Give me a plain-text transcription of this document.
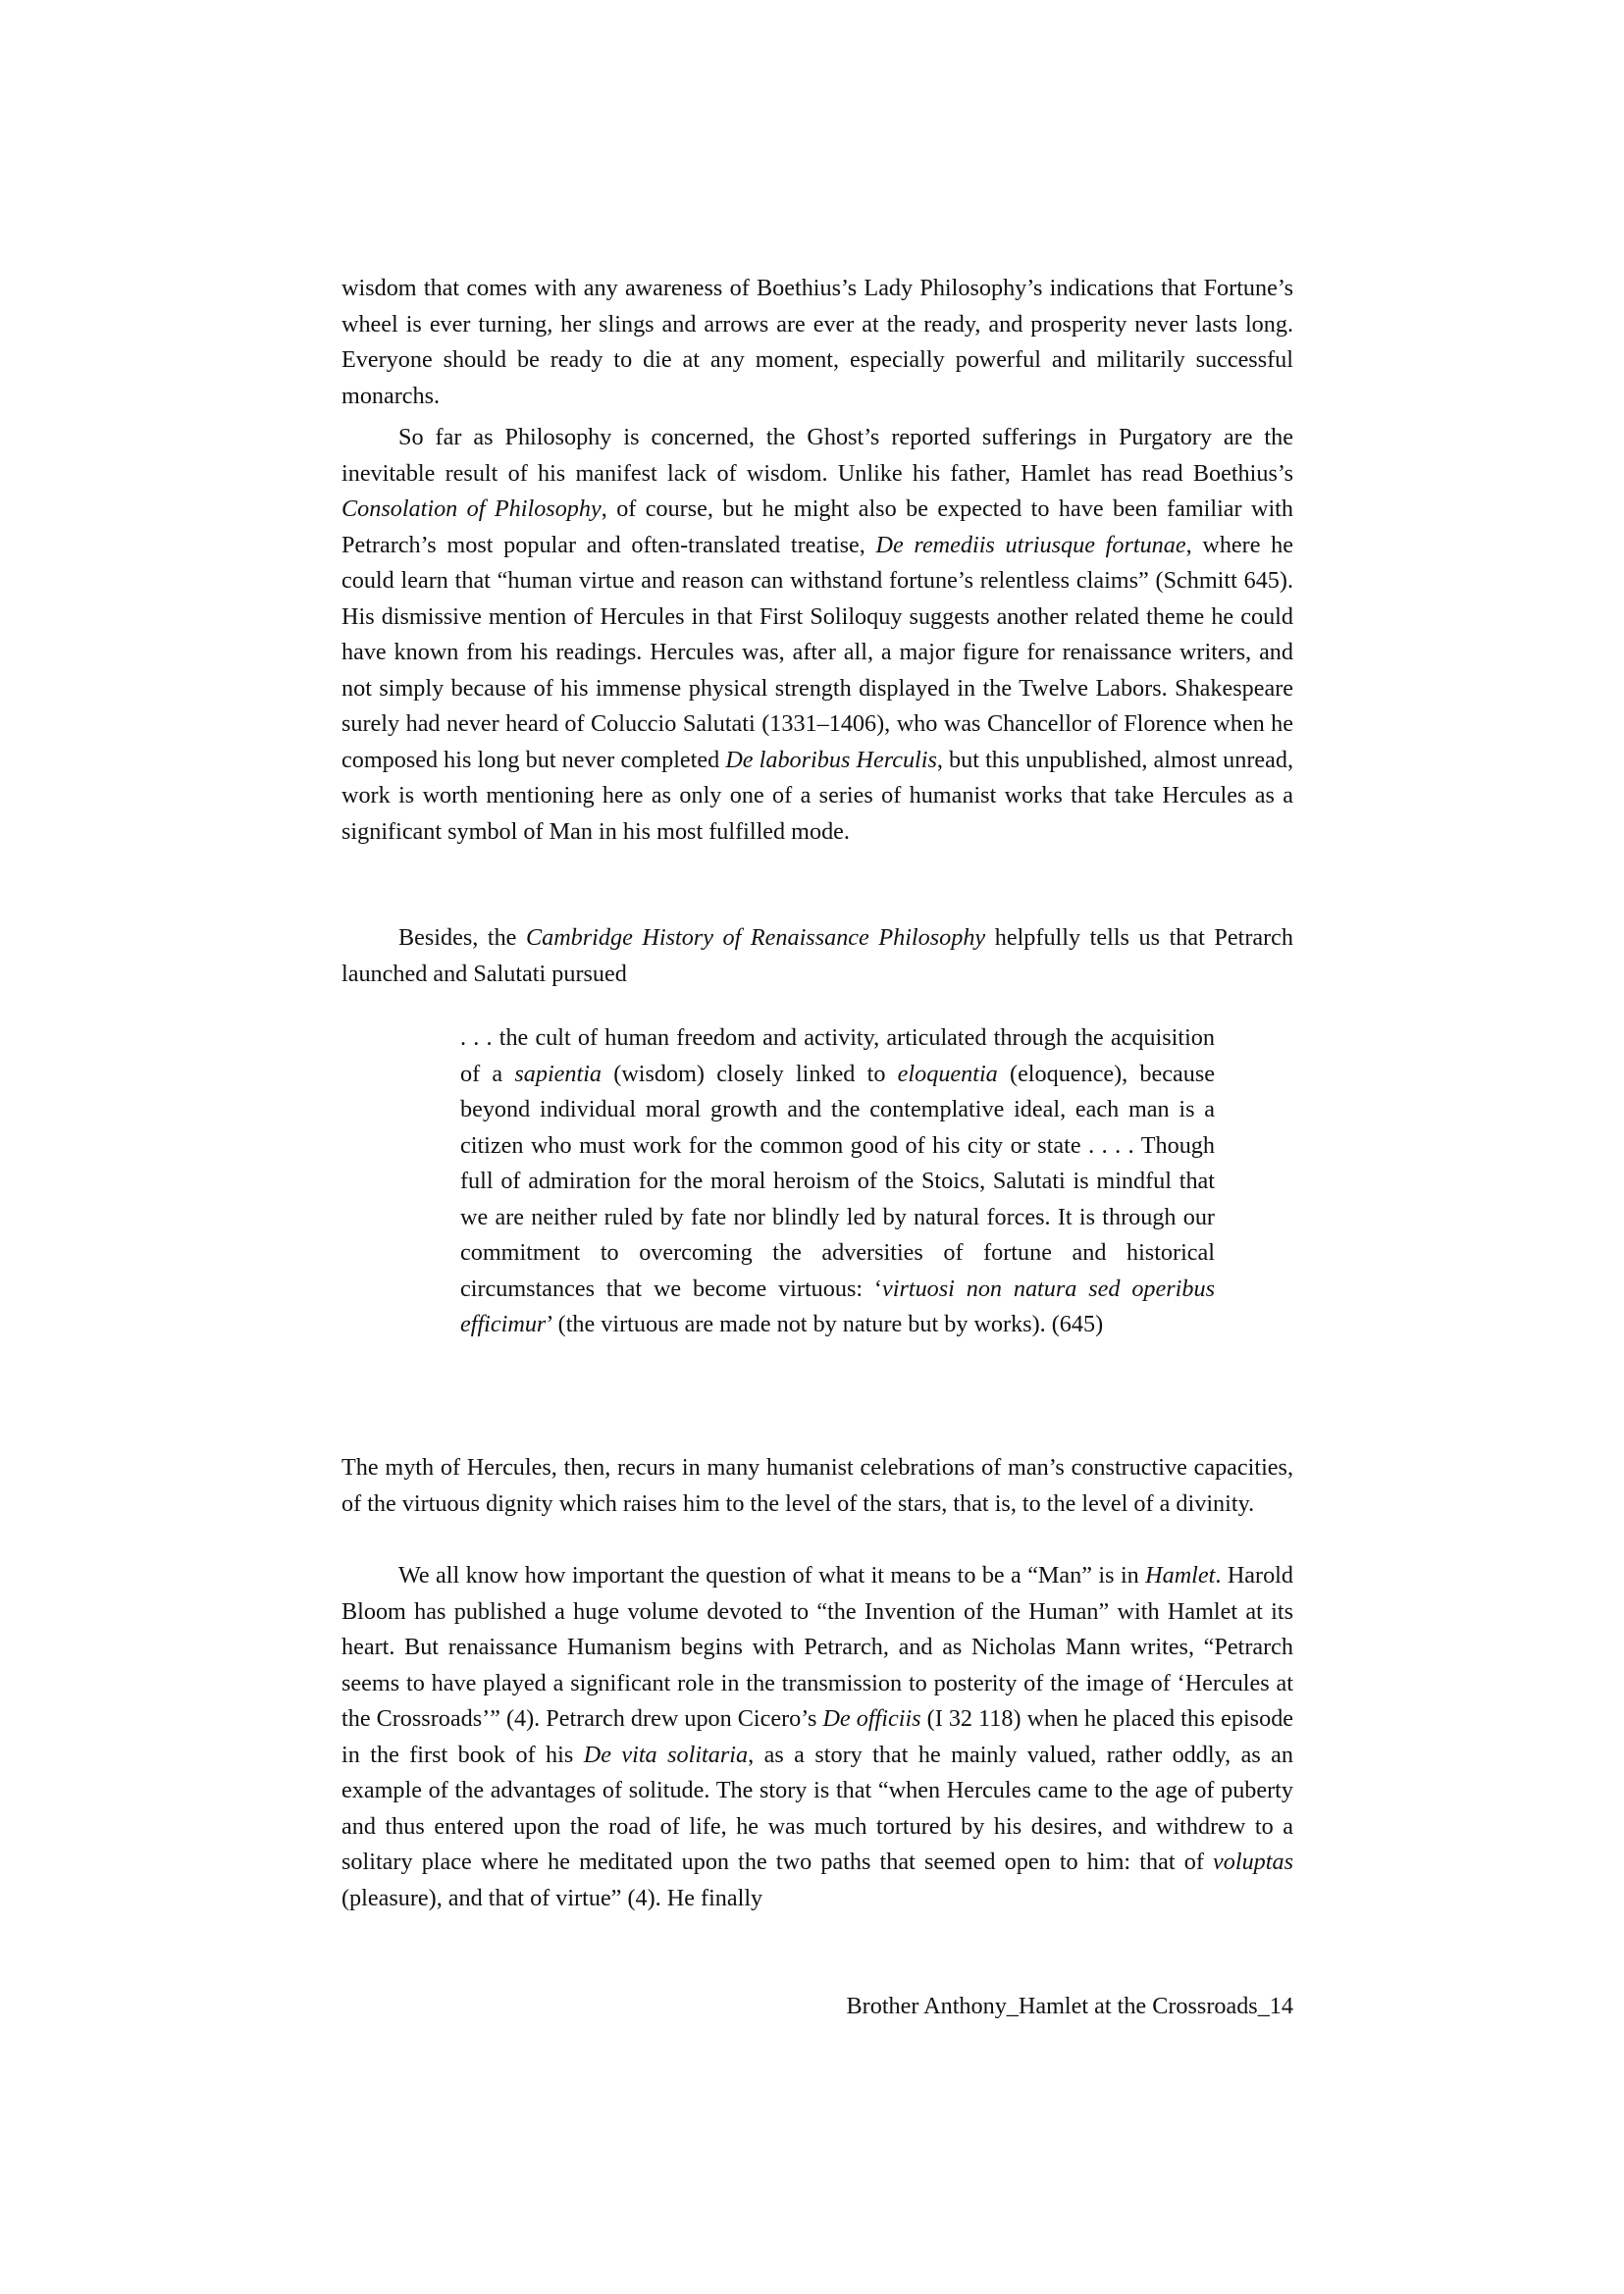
wisdom that comes with any awareness of Boethius’s Lady Philosophy’s indications that Fortune’s wheel is ever turning, her slings and arrows are ever at the ready, and prosperity never lasts long. Everyone should be ready to die at any moment, especially powerful and militarily successful monarchs.

So far as Philosophy is concerned, the Ghost’s reported sufferings in Purgatory are the inevitable result of his manifest lack of wisdom. Unlike his father, Hamlet has read Boethius’s Consolation of Philosophy, of course, but he might also be expected to have been familiar with Petrarch’s most popular and often-translated treatise, De remediis utriusque fortunae, where he could learn that “human virtue and reason can withstand fortune’s relentless claims” (Schmitt 645). His dismissive mention of Hercules in that First Soliloquy suggests another related theme he could have known from his readings. Hercules was, after all, a major figure for renaissance writers, and not simply because of his immense physical strength displayed in the Twelve Labors. Shakespeare surely had never heard of Coluccio Salutati (1331–1406), who was Chancellor of Florence when he composed his long but never completed De laboribus Herculis, but this unpublished, almost unread, work is worth mentioning here as only one of a series of humanist works that take Hercules as a significant symbol of Man in his most fulfilled mode.

Besides, the Cambridge History of Renaissance Philosophy helpfully tells us that Petrarch launched and Salutati pursued

. . . the cult of human freedom and activity, articulated through the acquisition of a sapientia (wisdom) closely linked to eloquentia (eloquence), because beyond individual moral growth and the contemplative ideal, each man is a citizen who must work for the common good of his city or state . . . . Though full of admiration for the moral heroism of the Stoics, Salutati is mindful that we are neither ruled by fate nor blindly led by natural forces. It is through our commitment to overcoming the adversities of fortune and historical circumstances that we become virtuous: ‘virtuosi non natura sed operibus efficimur’ (the virtuous are made not by nature but by works). (645)

The myth of Hercules, then, recurs in many humanist celebrations of man’s constructive capacities, of the virtuous dignity which raises him to the level of the stars, that is, to the level of a divinity.

We all know how important the question of what it means to be a “Man” is in Hamlet. Harold Bloom has published a huge volume devoted to “the Invention of the Human” with Hamlet at its heart. But renaissance Humanism begins with Petrarch, and as Nicholas Mann writes, “Petrarch seems to have played a significant role in the transmission to posterity of the image of ‘Hercules at the Crossroads’” (4). Petrarch drew upon Cicero’s De officiis (I 32 118) when he placed this episode in the first book of his De vita solitaria, as a story that he mainly valued, rather oddly, as an example of the advantages of solitude. The story is that “when Hercules came to the age of puberty and thus entered upon the road of life, he was much tortured by his desires, and withdrew to a solitary place where he meditated upon the two paths that seemed open to him: that of voluptas (pleasure), and that of virtue” (4). He finally

Brother Anthony_Hamlet at the Crossroads_14
